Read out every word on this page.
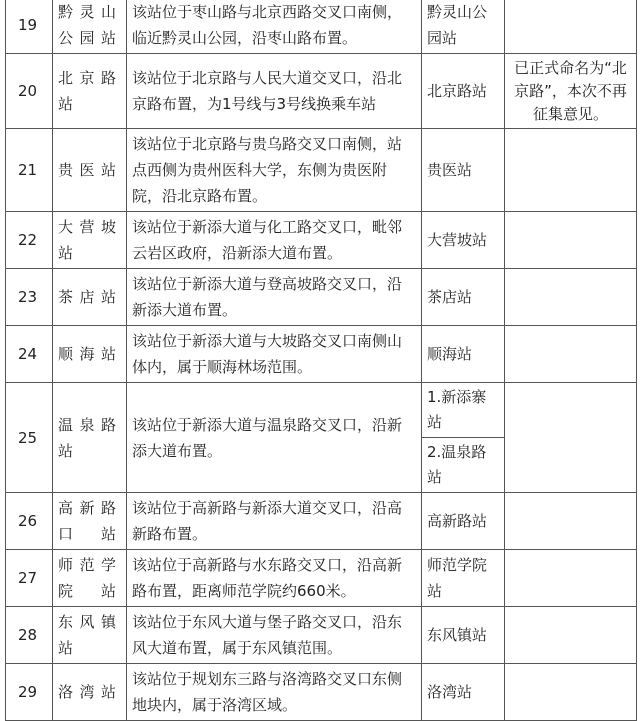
19	黔灵山公园站	该站位于枣山路与北京西路交叉口南侧，临近黔灵山公园，沿枣山路布置。	黔灵山公园站	
20	北京路站	该站位于北京路与人民大道交叉口，沿北京路布置，为1号线与3号线换乘车站	北京路站	已正式命名为“北京路”，本次不再征集意见。
21	贵医站	该站位于北京路与贵乌路交叉口南侧，站点西侧为贵州医科大学，东侧为贵医附院，沿北京路布置。	贵医站	
22	大营坡站	该站位于新添大道与化工路交叉口，毗邻云岩区政府，沿新添大道布置。	大营坡站	
23	茶店站	该站位于新添大道与登高坡路交叉口，沿新添大道布置。	茶店站	
24	顺海站	该站位于新添大道与大坡路交叉口南侧山体内，属于顺海林场范围。	顺海站	
25	温泉路站	该站位于新添大道与温泉路交叉口，沿新添大道布置。	1.新添寨站	
			2.温泉路站	
26	高新路口站	该站位于高新路与新添大道交叉口，沿高新路布置。	高新路站	
27	师范学院站	该站位于高新路与水东路交叉口，沿高新路布置，距离师范学院约660米。	师范学院站	
28	东风镇站	该站位于东风大道与堡子路交叉口，沿东风大道布置，属于东风镇范围。	东风镇站	
29	洛湾站	该站位于规划东三路与洛湾路交叉口东侧地块内，属于洛湾区域。	洛湾站	
